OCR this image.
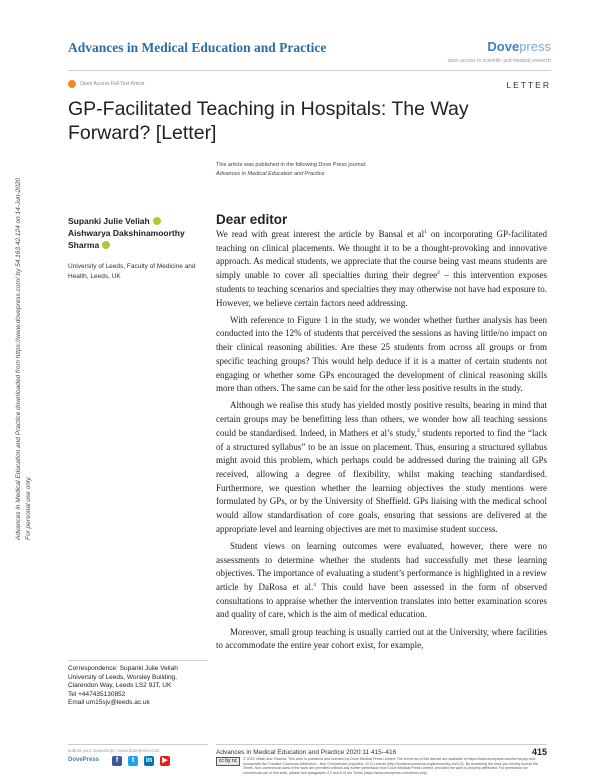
Advances in Medical Education and Practice	Dovepress
open access to scientific and medical research
Open Access Full Text Article	LETTER
GP-Facilitated Teaching in Hospitals: The Way Forward? [Letter]
This article was published in the following Dove Press journal:
Advances in Medical Education and Practice
Advances in Medical Education and Practice downloaded from https://www.dovepress.com/ by 54.163.42.124 on 14-Jun-2020 For personal use only.
Supanki Julie Veliah
Aishwarya Dakshinamoorthy
Sharma
University of Leeds, Faculty of Medicine and Health, Leeds, UK
Correspondence: Supanki Julie Veliah
University of Leeds, Worsley Building,
Clarendon Way, Leeds LS2 9JT, UK
Tel +447435130852
Email um15sjv@leeds.ac.uk
Dear editor

We read with great interest the article by Bansal et $al^1$ on incorporating GP-facilitated teaching on clinical placements. We thought it to be a thought-provoking and innovative approach. As medical students, we appreciate that the course being vast means students are simply unable to cover all specialties during their degree$^2$ – this intervention exposes students to teaching scenarios and specialties they may otherwise not have had exposure to. However, we believe certain factors need addressing.

With reference to Figure 1 in the study, we wonder whether further analysis has been conducted into the 12% of students that perceived the sessions as having little/no impact on their clinical reasoning abilities. Are these 25 students from across all groups or from specific teaching groups? This would help deduce if it is a matter of certain students not engaging or whether some GPs encouraged the development of clinical reasoning skills more than others. The same can be said for the other less positive results in the study.

Although we realise this study has yielded mostly positive results, bearing in mind that certain groups may be benefitting less than others, we wonder how all teaching sessions could be standardised. Indeed, in Mathers et al’s study,$^3$ students reported to find the “lack of a structured syllabus” to be an issue on placement. Thus, ensuring a structured syllabus might avoid this problem, which perhaps could be addressed during the training all GPs received, allowing a degree of flexibility, whilst making teaching standardised. Furthermore, we question whether the learning objectives the study mentions were formulated by GPs, or by the University of Sheffield. GPs liaising with the medical school would allow standardisation of core goals, ensuring that sessions are delivered at the appropriate level and learning objectives are met to maximise student success.

Student views on learning outcomes were evaluated, however, there were no assessments to determine whether the students had successfully met these learning objectives. The importance of evaluating a student’s performance is highlighted in a review article by DaRosa et al.$^4$ This could have been assessed in the form of observed consultations to appraise whether the intervention translates into better examination scores and quality of care, which is the aim of medical education.

Moreover, small group teaching is usually carried out at the University, where facilities to accommodate the entire year cohort exist, for example,

submit your manuscript | www.dovepress.com
DovePress	f	t	in	▶
Advances in Medical Education and Practice 2020:11 415–416	415
cc by nc	© 2020 Veliah and Sharma. This work is published and licensed by Dove Medical Press Limited. The full terms of this license are available at https://www.dovepress.com/terms.php and incorporate the Creative Commons Attribution – Non Commercial (unported, v3.0) License (http://creativecommons.org/licenses/by-nc/3.0/). By accessing the work you hereby accept the Terms. Non-commercial uses of the work are permitted without any further permission from Dove Medical Press Limited, provided the work is properly attributed. For permission for commercial use of this work, please see paragraphs 4.2 and 5 of our Terms (https://www.dovepress.com/terms.php).
